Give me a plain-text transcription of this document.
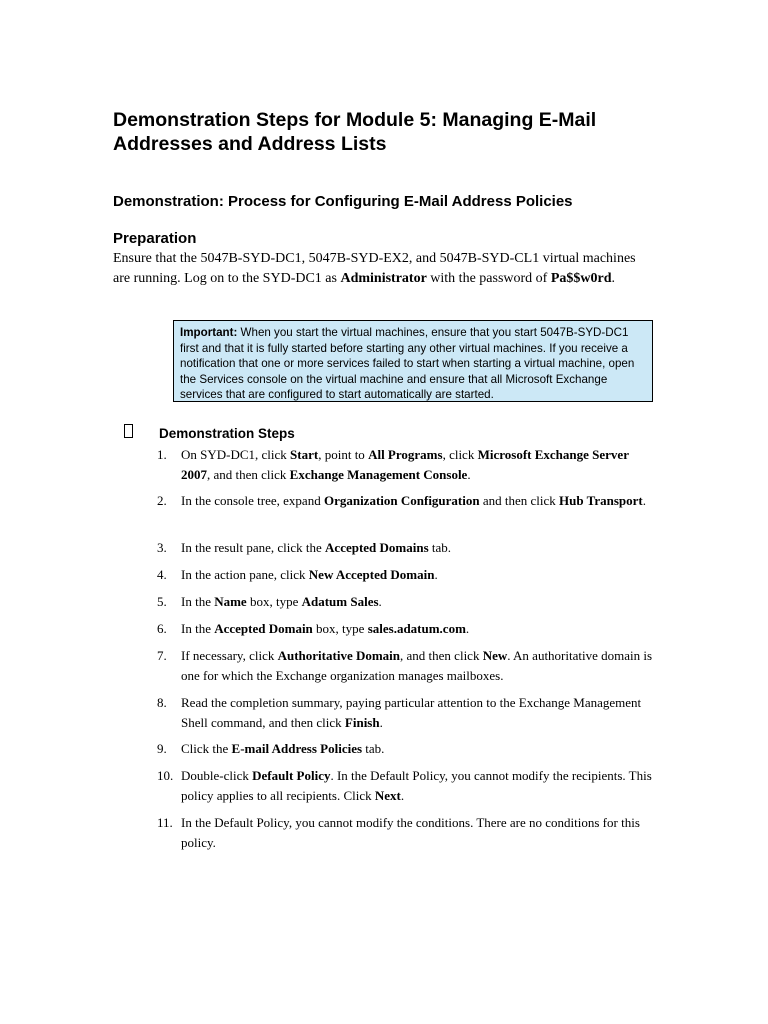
Demonstration Steps for Module 5: Managing E-Mail Addresses and Address Lists
Demonstration: Process for Configuring E-Mail Address Policies
Preparation

Ensure that the 5047B-SYD-DC1, 5047B-SYD-EX2, and 5047B-SYD-CL1 virtual machines are running. Log on to the SYD-DC1 as Administrator with the password of Pa$$w0rd.

Important: When you start the virtual machines, ensure that you start 5047B-SYD-DC1 first and that it is fully started before starting any other virtual machines. If you receive a notification that one or more services failed to start when starting a virtual machine, open the Services console on the virtual machine and ensure that all Microsoft Exchange services that are configured to start automatically are started.
Demonstration Steps
1.	On SYD-DC1, click Start, point to All Programs, click Microsoft Exchange Server 2007, and then click Exchange Management Console.
2.	In the console tree, expand Organization Configuration and then click Hub Transport.
3.	In the result pane, click the Accepted Domains tab.
4.	In the action pane, click New Accepted Domain.
5.	In the Name box, type Adatum Sales.
6.	In the Accepted Domain box, type sales.adatum.com.
7.	If necessary, click Authoritative Domain, and then click New. An authoritative domain is one for which the Exchange organization manages mailboxes.
8.	Read the completion summary, paying particular attention to the Exchange Management Shell command, and then click Finish.
9.	Click the E-mail Address Policies tab.
10. Double-click Default Policy. In the Default Policy, you cannot modify the recipients. This policy applies to all recipients. Click Next.
11. In the Default Policy, you cannot modify the conditions. There are no conditions for this policy.
